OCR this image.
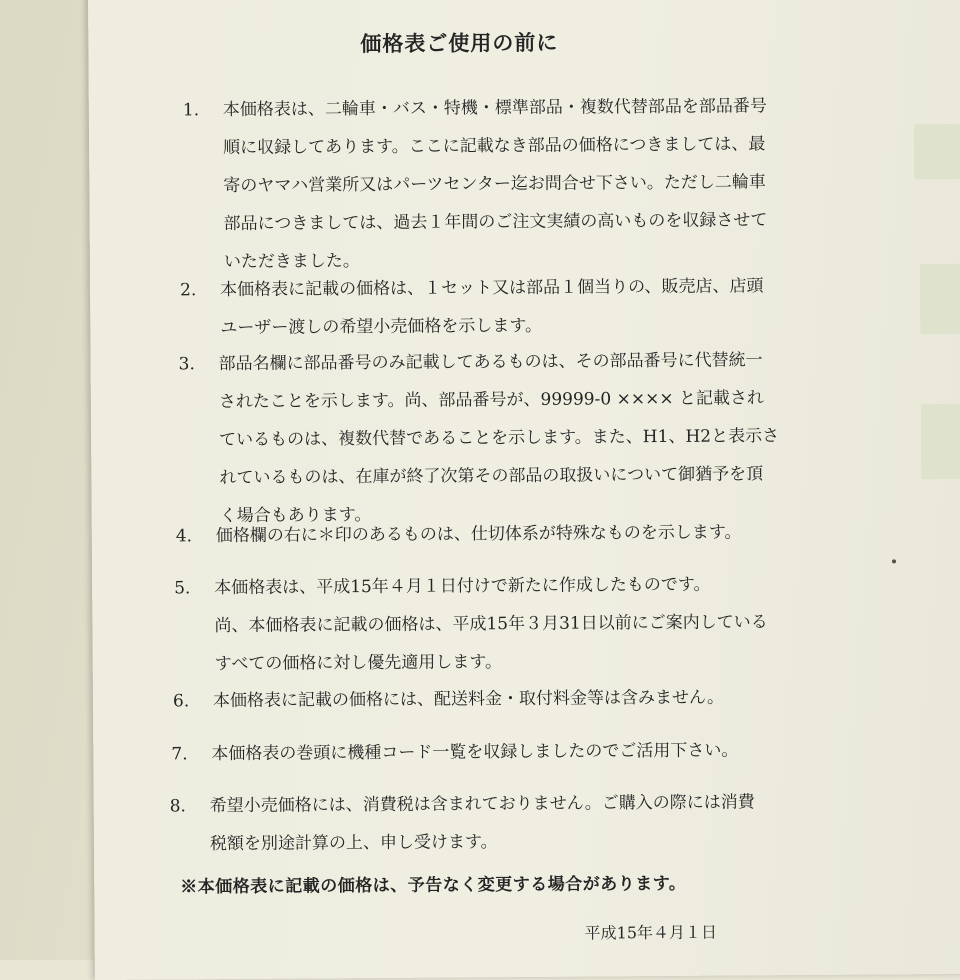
価格表ご使用の前に
1. 本価格表は、二輪車・バス・特機・標準部品・複数代替部品を部品番号
順に収録してあります。ここに記載なき部品の価格につきましては、最
寄のヤマハ営業所又はパーツセンター迄お問合せ下さい。ただし二輪車
部品につきましては、過去１年間のご注文実績の高いものを収録させて
いただきました。
2. 本価格表に記載の価格は、１セット又は部品１個当りの、販売店、店頭
ユーザー渡しの希望小売価格を示します。
3. 部品名欄に部品番号のみ記載してあるものは、その部品番号に代替統一
されたことを示します。尚、部品番号が、99999-0 ×××× と記載され
ているものは、複数代替であることを示します。また、H1、H2と表示さ
れているものは、在庫が終了次第その部品の取扱いについて御猶予を頂
く場合もあります。
4. 価格欄の右に＊印のあるものは、仕切体系が特殊なものを示します。
5. 本価格表は、平成15年４月１日付けで新たに作成したものです。
尚、本価格表に記載の価格は、平成15年３月31日以前にご案内している
すべての価格に対し優先適用します。
6. 本価格表に記載の価格には、配送料金・取付料金等は含みません。
7. 本価格表の巻頭に機種コード一覧を収録しましたのでご活用下さい。
8. 希望小売価格には、消費税は含まれておりません。ご購入の際には消費
税額を別途計算の上、申し受けます。
※本価格表に記載の価格は、予告なく変更する場合があります。
平成15年４月１日
